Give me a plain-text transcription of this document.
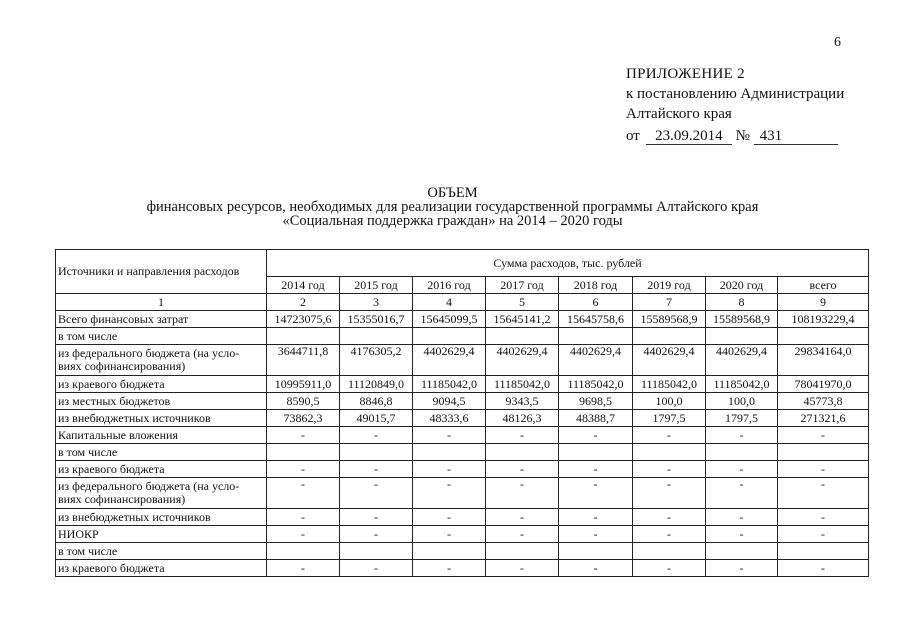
6
ПРИЛОЖЕНИЕ 2
к постановлению Администрации
Алтайского края
от 23.09.2014 № 431
ОБЪЕМ
финансовых ресурсов, необходимых для реализации государственной программы Алтайского края
«Социальная поддержка граждан» на 2014 – 2020 годы
Источники и направления расходов	Сумма расходов, тыс. рублей							
	2014 год	2015 год	2016 год	2017 год	2018 год	2019 год	2020 год	всего
1	2	3	4	5	6	7	8	9
Всего финансовых затрат	14723075,6	15355016,7	15645099,5	15645141,2	15645758,6	15589568,9	15589568,9	108193229,4
в том числе								

из федерального бюджета (на усло-
виях софинансирования)	3644711,8	4176305,2	4402629,4	4402629,4	4402629,4	4402629,4	4402629,4	29834164,0
из краевого бюджета	10995911,0	11120849,0	11185042,0	11185042,0	11185042,0	11185042,0	11185042,0	78041970,0
из местных бюджетов	8590,5	8846,8	9094,5	9343,5	9698,5	100,0	100,0	45773,8
из внебюджетных источников	73862,3	49015,7	48333,6	48126,3	48388,7	1797,5	1797,5	271321,6
Капитальные вложения	-	-	-	-	-	-	-	-
в том числе								
из краевого бюджета	-	-	-	-	-	-	-	-

из федерального бюджета (на усло-
виях софинансирования)	-	-	-	-	-	-	-	-
из внебюджетных источников	-	-	-	-	-	-	-	-
НИОКР	-	-	-	-	-	-	-	-
в том числе								
из краевого бюджета	-	-	-	-	-	-	-	-
